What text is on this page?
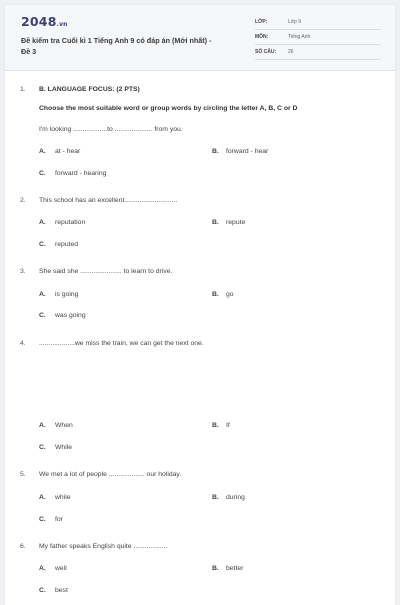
2048.vn
Đề kiểm tra Cuối kì 1 Tiếng Anh 9 có đáp án (Mới nhất) -
Đề 3
LỚP:	Lớp 9
MÔN:	Tiếng Anh
SỐ CÂU: 26
1. B. LANGUAGE FOCUS: (2 PTS)
Choose the most suitable word or group words by circling the letter A, B, C or D
I'm looking ..................to .................... from you.
A. at - hear	B. forward - hear
C. forward - hearing
2. This school has an excellent............................
A. reputation	B. repute
C. reputed
3. She said she ...................... to learn to drive.
A. is going	B. go
C. was going
4. ...................we miss the train, we can get the next one.
A. When	B. If
C. While
5. We met a lot of people ................... our holiday.
A. while	B. during
C. for
6. My father speaks English quite ..................
A. well	B. better
C. best
